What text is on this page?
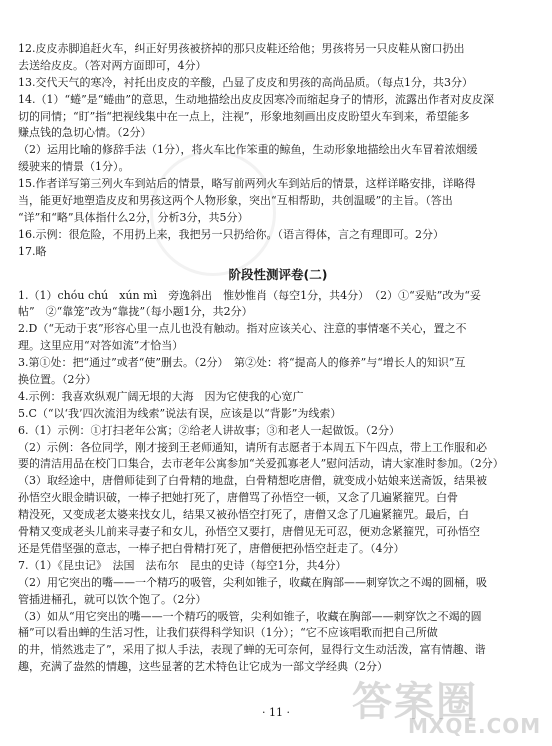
12.皮皮赤脚追赶火车，纠正好男孩被挤掉的那只皮鞋还给他；男孩将另一只皮鞋从窗口扔出
去送给皮皮。（答对两方面即可，4分）
13.交代天气的寒冷，衬托出皮皮的辛酸，凸显了皮皮和男孩的高尚品质。（每点1分，共3分）
14.（1）“蜷”是“蜷曲”的意思，生动地描绘出皮皮因寒冷而缩起身子的情形，流露出作者对皮皮深
切的同情；“盯”指“把视线集中在一点上，注视”，形象地刻画出皮皮盼望火车到来，希望能多
赚点钱的急切心情。（2分）
（2）运用比喻的修辞手法（1分），将火车比作笨重的鲸鱼，生动形象地描绘出火车冒着浓烟缓
缓驶来的情景（1分）。
15.作者详写第三列火车到站后的情景，略写前两列火车到站后的情景，这样详略安排，详略得
当，能更好地塑造皮皮和男孩这两个人物形象，突出“互相帮助，共创温暖”的主旨。（答出
“详”和“略”具体指什么2分，分析3分，共5分）
16.示例：很危险，不用扔上来，我把另一只扔给你。（语言得体，言之有理即可。2分）
17.略
阶段性测评卷(二)
1.（1）chóu chú　xún mì　旁逸斜出　惟妙惟肖（每空1分，共4分）　（2）①“妥贴”改为“妥
帖”　②“靠笼”改为“靠拢”（每小题1分，共2分）
2.D（“无动于衷”形容心里一点儿也没有触动。指对应该关心、注意的事情毫不关心，置之不
理。这里应用“对答如流”才恰当）
3.第①处：把“通过”或者“使”删去。（2分）　第②处：将“提高人的修养”与“增长人的知识”互
换位置。（2分）
4.示例：我喜欢纵观广阔无垠的大海　因为它使我的心宽广
5.C（“以‘我’四次流泪为线索”说法有误，应该是以“背影”为线索）
6.（1）示例：①打扫老年公寓；②给老人讲故事；③和老人一起做饭。（2分）
（2）示例：各位同学，刚才接到王老师通知，请所有志愿者于本周五下午四点，带上工作服和必
要的清洁用品在校门口集合，去市老年公寓参加“关爱孤寡老人”慰问活动，请大家准时参加。（2分）
（3）取经途中，唐僧师徒到了白骨精的地盘，白骨精想吃唐僧，就变成小姑娘来送斋饭，结果被
孙悟空火眼金睛识破，一棒子把她打死了，唐僧骂了孙悟空一顿，又念了几遍紧箍咒。白骨
精没死，又变成老太婆来找女儿，结果又被孙悟空打死了，唐僧又念了几遍紧箍咒。最后，白
骨精又变成老头儿前来寻妻子和女儿，孙悟空又要打，唐僧见无可忍，便劝念紧箍咒，可孙悟空
还是凭借坚强的意志，一棒子把白骨精打死了，唐僧便把孙悟空赶走了。（4分）
7.（1）《昆虫记》　法国　法布尔　昆虫的史诗（每空1分，共4分）
（2）用它突出的嘴——一个精巧的吸管，尖利如锥子，收藏在胸部——刺穿饮之不竭的圆桶，吸
管插进桶孔，就可以饮个饱了。（2分）
（3）如从“用它突出的嘴——一个精巧的吸管，尖利如锥子，收藏在胸部——刺穿饮之不竭的圆
桶”可以看出蝉的生活习性，让我们获得科学知识（1分）；“它不应该唱歌而把自己所做
的井，悄然逃走了”，采用了拟人手法，表现了蝉的无可奈何，显得行文生动活泼，富有情趣、谐
趣，充满了盎然的情趣，这些显著的艺术特色让它成为一部文学经典（2分）
· 11 ·	答案圈
MXQE.COM
